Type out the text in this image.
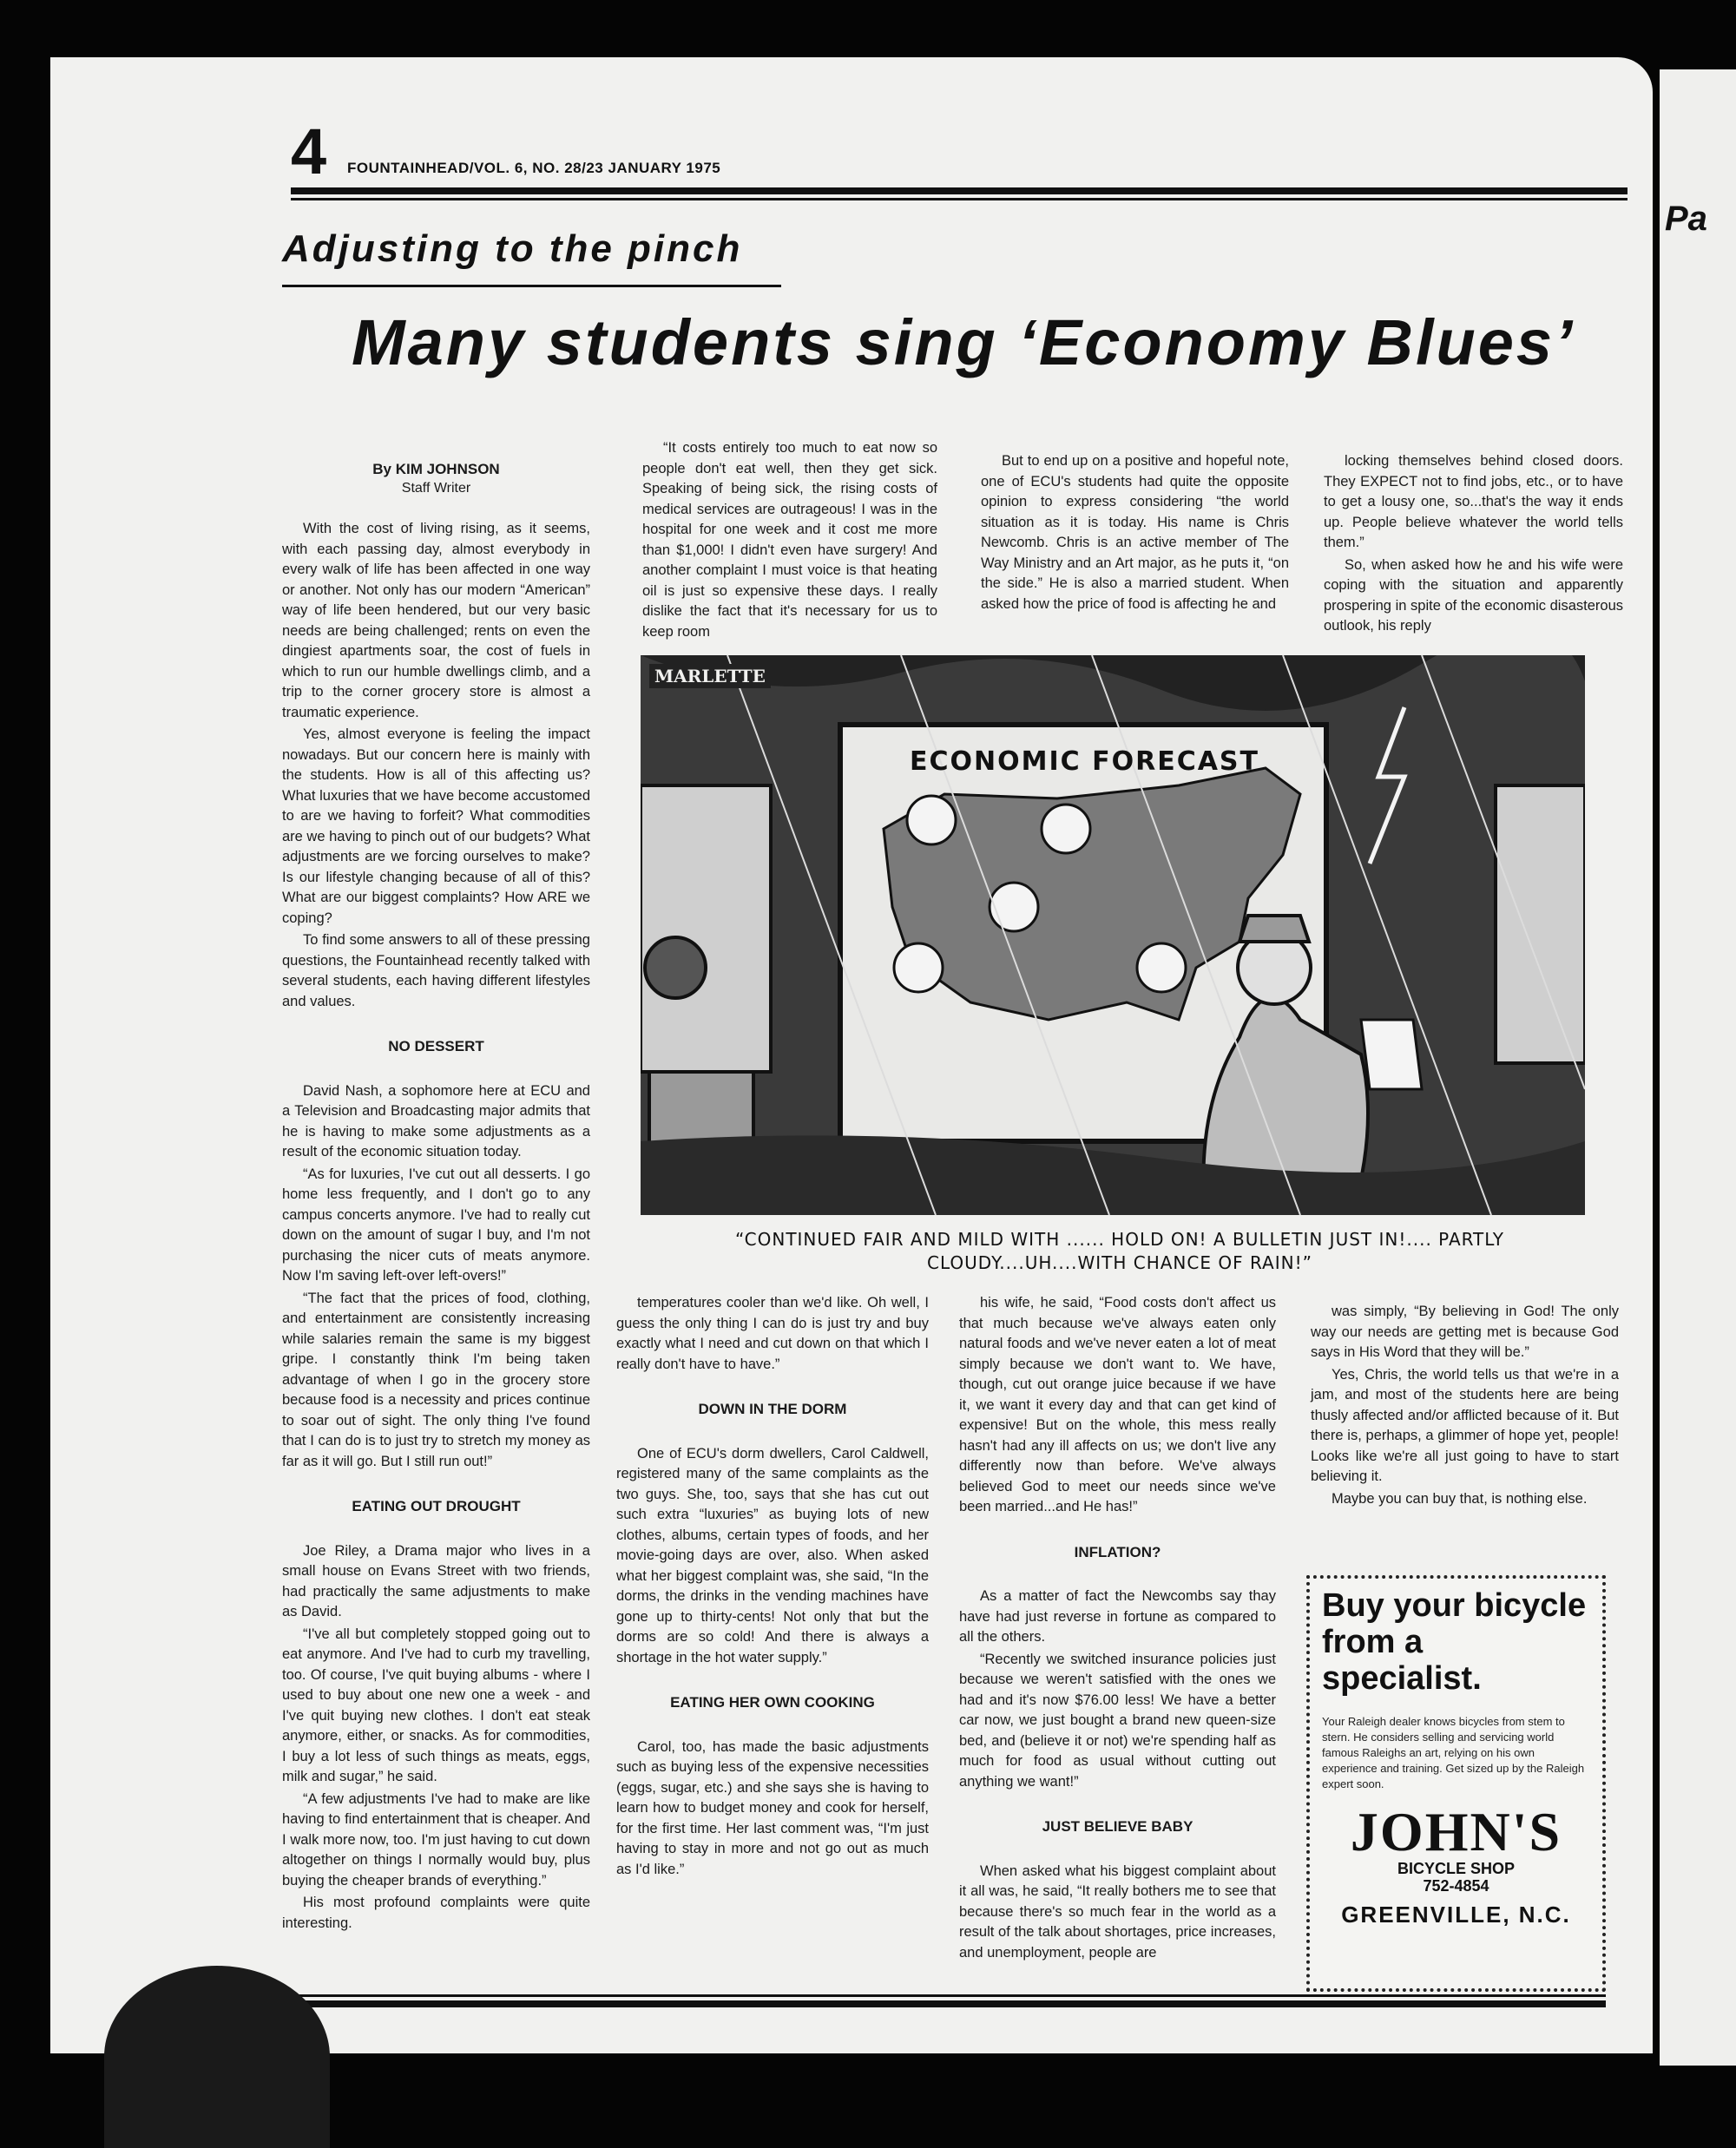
Pa
4 FOUNTAINHEAD/VOL. 6, NO. 28/23 JANUARY 1975
Adjusting to the pinch
Many students sing ‘Economy Blues’
By KIM JOHNSON
Staff Writer

With the cost of living rising, as it seems, with each passing day, almost everybody in every walk of life has been affected in one way or another. Not only has our modern “American” way of life been hendered, but our very basic needs are being challenged; rents on even the dingiest apartments soar, the cost of fuels in which to run our humble dwellings climb, and a trip to the corner grocery store is almost a traumatic experience.

Yes, almost everyone is feeling the impact nowadays. But our concern here is mainly with the students. How is all of this affecting us? What luxuries that we have become accustomed to are we having to forfeit? What commodities are we having to pinch out of our budgets? What adjustments are we forcing ourselves to make? Is our lifestyle changing because of all of this? What are our biggest complaints? How ARE we coping?

To find some answers to all of these pressing questions, the Fountainhead recently talked with several students, each having different lifestyles and values.

NO DESSERT

David Nash, a sophomore here at ECU and a Television and Broadcasting major admits that he is having to make some adjustments as a result of the economic situation today.

“As for luxuries, I've cut out all desserts. I go home less frequently, and I don't go to any campus concerts anymore. I've had to really cut down on the amount of sugar I buy, and I'm not purchasing the nicer cuts of meats anymore. Now I'm saving left-over left-overs!”

“The fact that the prices of food, clothing, and entertainment are consistently increasing while salaries remain the same is my biggest gripe. I constantly think I'm being taken advantage of when I go in the grocery store because food is a necessity and prices continue to soar out of sight. The only thing I've found that I can do is to just try to stretch my money as far as it will go. But I still run out!”

EATING OUT DROUGHT

Joe Riley, a Drama major who lives in a small house on Evans Street with two friends, had practically the same adjustments to make as David.

“I've all but completely stopped going out to eat anymore. And I've had to curb my travelling, too. Of course, I've quit buying albums - where I used to buy about one new one a week - and I've quit buying new clothes. I don't eat steak anymore, either, or snacks. As for commodities, I buy a lot less of such things as meats, eggs, milk and sugar,” he said.

“A few adjustments I've had to make are like having to find entertainment that is cheaper. And I walk more now, too. I'm just having to cut down altogether on things I normally would buy, plus buying the cheaper brands of everything.”

His most profound complaints were quite interesting.

“It costs entirely too much to eat now so people don't eat well, then they get sick. Speaking of being sick, the rising costs of medical services are outrageous! I was in the hospital for one week and it cost me more than $1,000! I didn't even have surgery! And another complaint I must voice is that heating oil is just so expensive these days. I really dislike the fact that it's necessary for us to keep room

But to end up on a positive and hopeful note, one of ECU's students had quite the opposite opinion to express considering “the world situation as it is today. His name is Chris Newcomb. Chris is an active member of The Way Ministry and an Art major, as he puts it, “on the side.” He is also a married student. When asked how the price of food is affecting he and

locking themselves behind closed doors. They EXPECT not to find jobs, etc., or to have to get a lousy one, so...that's the way it ends up. People believe whatever the world tells them.”

So, when asked how he and his wife were coping with the situation and apparently prospering in spite of the economic disasterous outlook, his reply

ECONOMIC FORECAST
MARLETTE
“CONTINUED FAIR AND MILD WITH ...... HOLD ON! A BULLETIN JUST IN!.... PARTLY
CLOUDY....UH....WITH CHANCE OF RAIN!”

temperatures cooler than we'd like. Oh well, I guess the only thing I can do is just try and buy exactly what I need and cut down on that which I really don't have to have.”

DOWN IN THE DORM

One of ECU's dorm dwellers, Carol Caldwell, registered many of the same complaints as the two guys. She, too, says that she has cut out such extra “luxuries” as buying lots of new clothes, albums, certain types of foods, and her movie-going days are over, also. When asked what her biggest complaint was, she said, “In the dorms, the drinks in the vending machines have gone up to thirty-cents! Not only that but the dorms are so cold! And there is always a shortage in the hot water supply.”

EATING HER OWN COOKING

Carol, too, has made the basic adjustments such as buying less of the expensive necessities (eggs, sugar, etc.) and she says she is having to learn how to budget money and cook for herself, for the first time. Her last comment was, “I'm just having to stay in more and not go out as much as I'd like.”

his wife, he said, “Food costs don't affect us that much because we've always eaten only natural foods and we've never eaten a lot of meat simply because we don't want to. We have, though, cut out orange juice because if we have it, we want it every day and that can get kind of expensive! But on the whole, this mess really hasn't had any ill affects on us; we don't live any differently now than before. We've always believed God to meet our needs since we've been married...and He has!”

INFLATION?

As a matter of fact the Newcombs say thay have had just reverse in fortune as compared to all the others.

“Recently we switched insurance policies just because we weren't satisfied with the ones we had and it's now $76.00 less! We have a better car now, we just bought a brand new queen-size bed, and (believe it or not) we're spending half as much for food as usual without cutting out anything we want!”

JUST BELIEVE BABY

When asked what his biggest complaint about it all was, he said, “It really bothers me to see that because there's so much fear in the world as a result of the talk about shortages, price increases, and unemployment, people are

was simply, “By believing in God! The only way our needs are getting met is because God says in His Word that they will be.”

Yes, Chris, the world tells us that we're in a jam, and most of the students here are being thusly affected and/or afflicted because of it. But there is, perhaps, a glimmer of hope yet, people! Looks like we're all just going to have to start believing it.

Maybe you can buy that, is nothing else.

Buy your bicycle from a specialist.
Your Raleigh dealer knows bicycles from stem to stern. He considers selling and servicing world famous Raleighs an art, relying on his own experience and training. Get sized up by the Raleigh expert soon.
JOHN'S
BICYCLE SHOP
752-4854
GREENVILLE, N.C.
